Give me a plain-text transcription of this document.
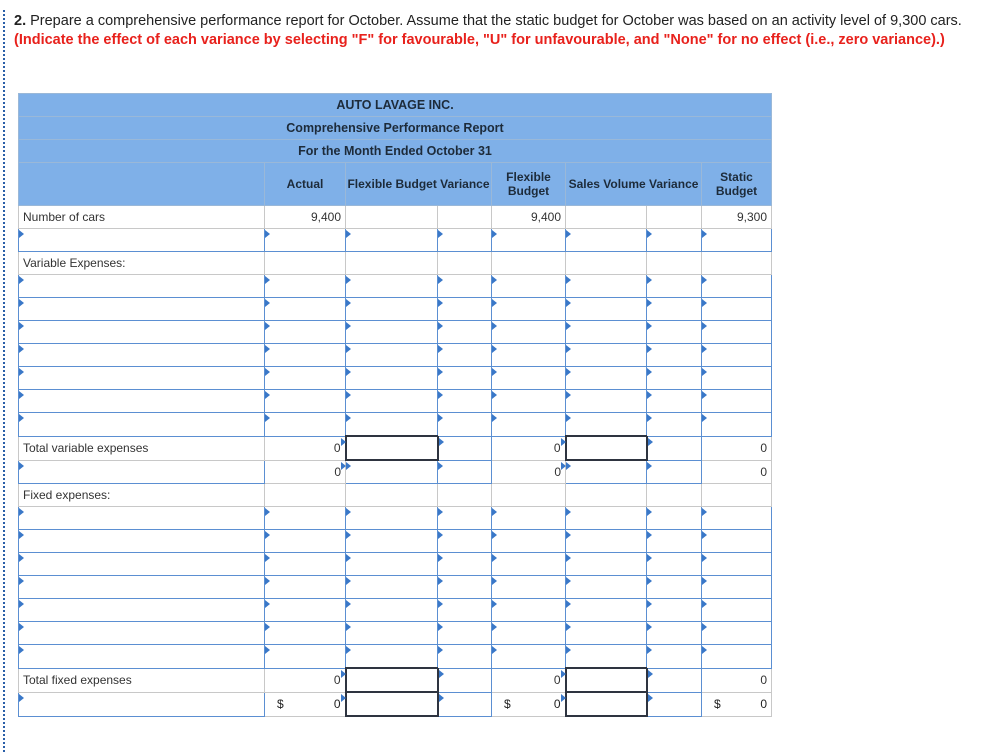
2. Prepare a comprehensive performance report for October. Assume that the static budget for October was based on an activity level of 9,300 cars. (Indicate the effect of each variance by selecting "F" for favourable, "U" for unfavourable, and "None" for no effect (i.e., zero variance).)
AUTO LAVAGE INC.							
Comprehensive Performance Report							
For the Month Ended October 31							
	Actual	Flexible Budget Variance		Flexible Budget	Sales Volume Variance		Static Budget
Number of cars	9,400			9,400			9,300

Variable Expenses:							

Total variable expenses	0			0			0
	0			0			0
Fixed expenses:							

Total fixed expenses	0			0			0

	$ 0			$ 0			$ 0
